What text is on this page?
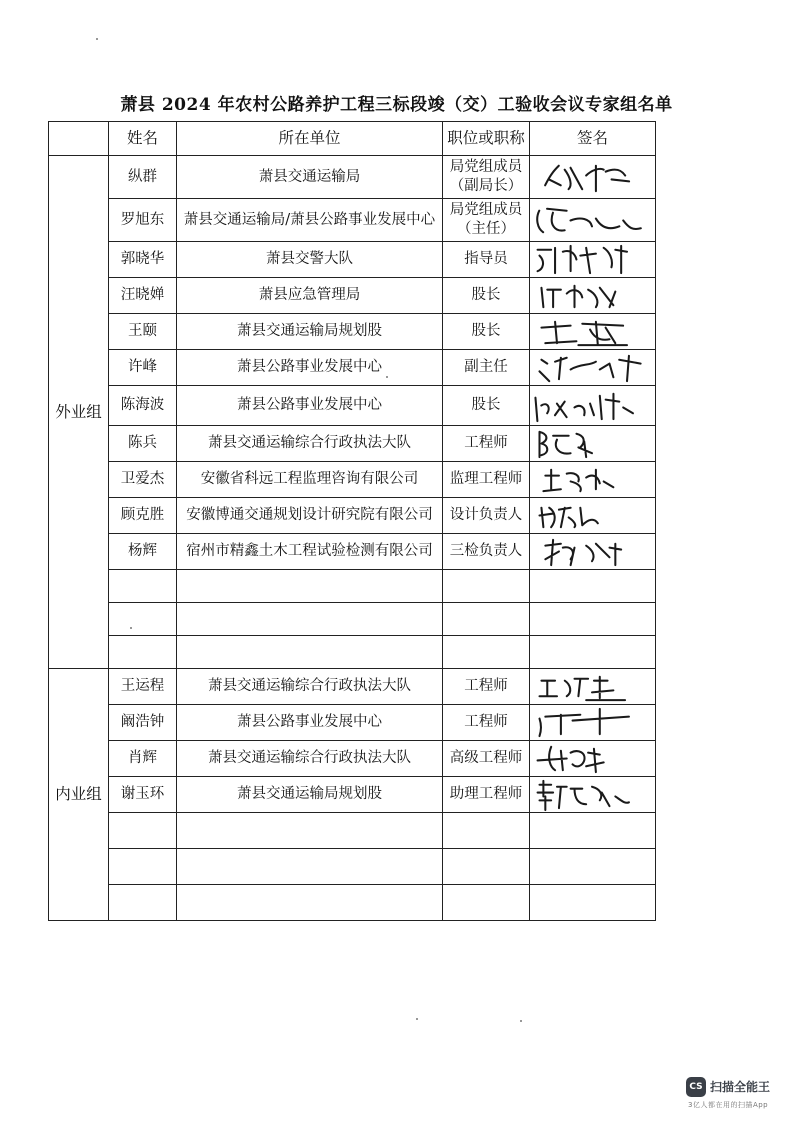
萧县 2024 年农村公路养护工程三标段竣（交）工验收会议专家组名单
	姓名	所在单位	职位或职称	签名
外业组	纵群	萧县交通运输局	局党组成员（副局长）	

	罗旭东	萧县交通运输局/萧县公路事业发展中心	局党组成员（主任）	

	郭晓华	萧县交警大队	指导员	

	汪晓婵	萧县应急管理局	股长	

	王颐	萧县交通运输局规划股	股长	

	许峰	萧县公路事业发展中心	副主任	

	陈海波	萧县公路事业发展中心	股长	

	陈兵	萧县交通运输综合行政执法大队	工程师	

	卫爱杰	安徽省科远工程监理咨询有限公司	监理工程师	

	顾克胜	安徽博通交通规划设计研究院有限公司	设计负责人	

	杨辉	宿州市精鑫土木工程试验检测有限公司	三检负责人	

内业组	王运程	萧县交通运输综合行政执法大队	工程师	

	阚浩钟	萧县公路事业发展中心	工程师	

	肖辉	萧县交通运输综合行政执法大队	高级工程师	

	谢玉环	萧县交通运输局规划股	助理工程师	

CS 扫描全能王
3亿人都在用的扫描App
